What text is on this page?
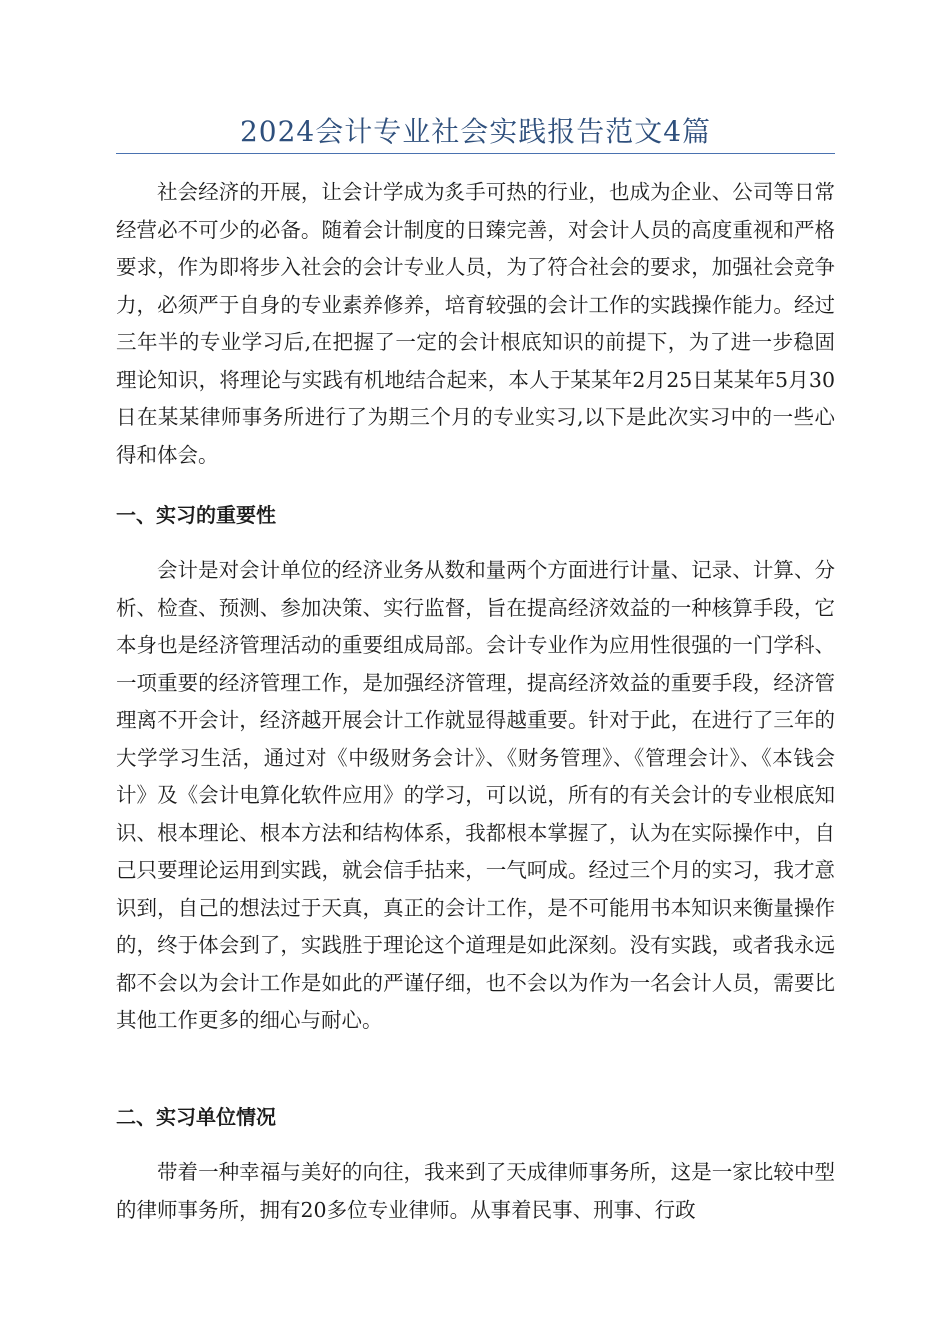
2024会计专业社会实践报告范文4篇

社会经济的开展，让会计学成为炙手可热的行业，也成为企业、公司等日常经营必不可少的必备。随着会计制度的日臻完善，对会计人员的高度重视和严格要求，作为即将步入社会的会计专业人员，为了符合社会的要求，加强社会竞争力，必须严于自身的专业素养修养，培育较强的会计工作的实践操作能力。经过三年半的专业学习后,在把握了一定的会计根底知识的前提下，为了进一步稳固理论知识，将理论与实践有机地结合起来，本人于某某年2月25日某某年5月30日在某某律师事务所进行了为期三个月的专业实习,以下是此次实习中的一些心得和体会。

一、实习的重要性

会计是对会计单位的经济业务从数和量两个方面进行计量、记录、计算、分析、检查、预测、参加决策、实行监督，旨在提高经济效益的一种核算手段，它本身也是经济管理活动的重要组成局部。会计专业作为应用性很强的一门学科、一项重要的经济管理工作，是加强经济管理，提高经济效益的重要手段，经济管理离不开会计，经济越开展会计工作就显得越重要。针对于此，在进行了三年的大学学习生活，通过对《中级财务会计》、《财务管理》、《管理会计》、《本钱会计》及《会计电算化软件应用》的学习，可以说，所有的有关会计的专业根底知识、根本理论、根本方法和结构体系，我都根本掌握了，认为在实际操作中，自己只要理论运用到实践，就会信手拈来，一气呵成。经过三个月的实习，我才意识到，自己的想法过于天真，真正的会计工作，是不可能用书本知识来衡量操作的，终于体会到了，实践胜于理论这个道理是如此深刻。没有实践，或者我永远都不会以为会计工作是如此的严谨仔细，也不会以为作为一名会计人员，需要比其他工作更多的细心与耐心。

二、实习单位情况

带着一种幸福与美好的向往，我来到了天成律师事务所，这是一家比较中型的律师事务所，拥有20多位专业律师。从事着民事、刑事、行政
